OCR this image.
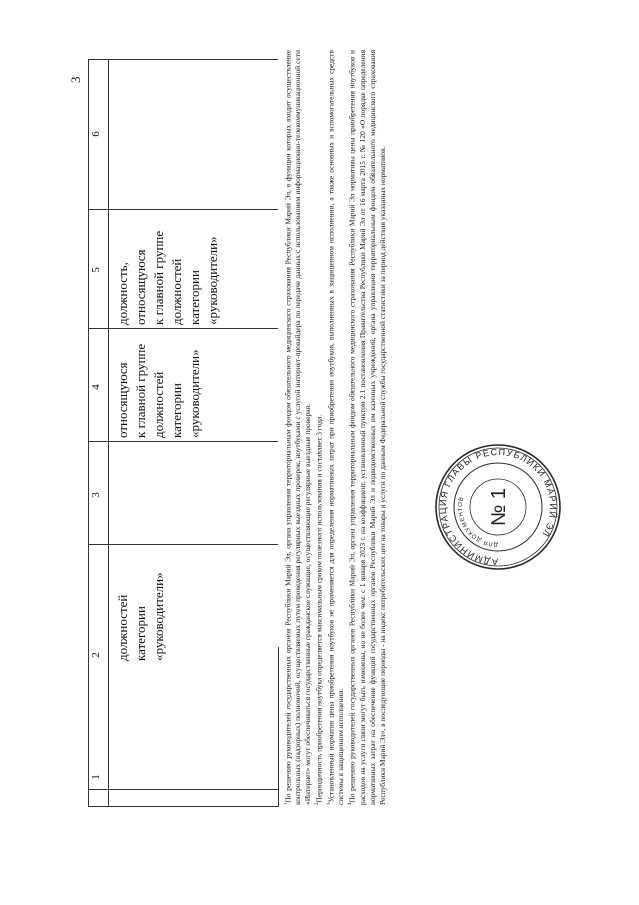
3
1
2
3
4
5
6
должностей категории «руководители»
относящуюся к главной группе должностей категории «руководители»
должность, относящуюся к главной группе должностей категории «руководители»

$^1$По решению руководителей государственных органов Республики Марий Эл, органа управления территориальным фондом обязательного медицинского страхования Республики Марий Эл, в функции которых входит осуществление контрольных (надзорных) полномочий, осуществляемых путем проведения регулярных выездных проверок, ноутбуками с услугой интернет-провайдера по передаче данных с использованием информационно-телекоммуникационной сети «Интернет» могут обеспечиваться государственные гражданские служащие, осуществляющие регулярные выездные проверки. $^2$Периодичность приобретения ноутбука определяется максимальным сроком полезного использования и составляет 3 года.

$^3$Установленный норматив цены приобретения ноутбуков не применяется для определения нормативных затрат при приобретении ноутбуков, выполненных в защищенном исполнении, а также основных и вспомогательных средств системы в защищенном исполнении. $^4$По решению руководителей государственных органов Республики Марий Эл, органа управления территориальным фондом обязательного медицинского страхования Республики Марий Эл нормативы цены приобретения ноутбуков и расходов на услуги связи могут быть изменены, но не более чем: с 1 января 2023 г. на коэффициент, установленный пунктом 2.1 постановления Правительства Республики Марий Эл от 16 марта 2015 г. № 120 «О порядке определения нормативных затрат на обеспечение функций государственных органов Республики Марий Эл и подведомственных им казенных учреждений, органа управления территориальным фондом обязательного медицинского страхования Республики Марий Эл», в последующие периоды - на индекс потребительских цен на товары и услуги по данным Федеральной службы государственной статистики за период действия указанных нормативов.	АДМИНИСТРАЦИЯ ГЛАВЫ РЕСПУБЛИКИ МАРИЙ ЭЛ
ДЛЯ ДОКУМЕНТОВ	№ 1
